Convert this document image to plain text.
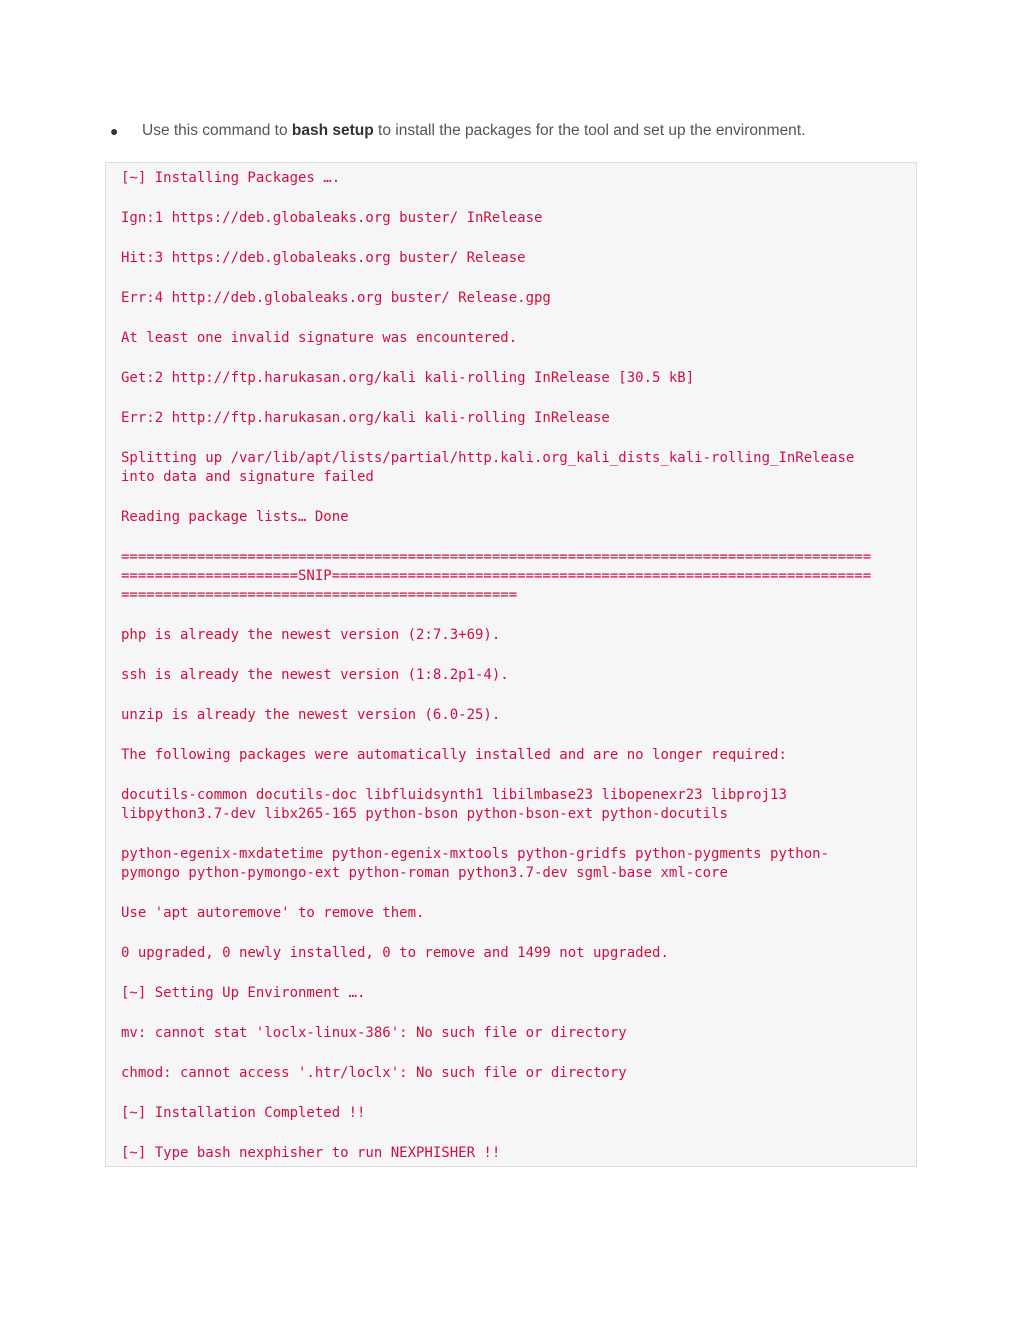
● Use this command to bash setup to install the packages for the tool and set up the environment.
[~] Installing Packages ….
Ign:1 https://deb.globaleaks.org buster/ InRelease
Hit:3 https://deb.globaleaks.org buster/ Release
Err:4 http://deb.globaleaks.org buster/ Release.gpg
At least one invalid signature was encountered.
Get:2 http://ftp.harukasan.org/kali kali-rolling InRelease [30.5 kB]
Err:2 http://ftp.harukasan.org/kali kali-rolling InRelease
Splitting up /var/lib/apt/lists/partial/http.kali.org_kali_dists_kali-rolling_InRelease
into data and signature failed
Reading package lists… Done
=========================================================================================
=====================SNIP================================================================
===============================================
php is already the newest version (2:7.3+69).
ssh is already the newest version (1:8.2p1-4).
unzip is already the newest version (6.0-25).
The following packages were automatically installed and are no longer required:
docutils-common docutils-doc libfluidsynth1 libilmbase23 libopenexr23 libproj13
libpython3.7-dev libx265-165 python-bson python-bson-ext python-docutils
python-egenix-mxdatetime python-egenix-mxtools python-gridfs python-pygments python-
pymongo python-pymongo-ext python-roman python3.7-dev sgml-base xml-core
Use 'apt autoremove' to remove them.
0 upgraded, 0 newly installed, 0 to remove and 1499 not upgraded.
[~] Setting Up Environment ….
mv: cannot stat 'loclx-linux-386': No such file or directory
chmod: cannot access '.htr/loclx': No such file or directory
[~] Installation Completed !!
[~] Type bash nexphisher to run NEXPHISHER !!
